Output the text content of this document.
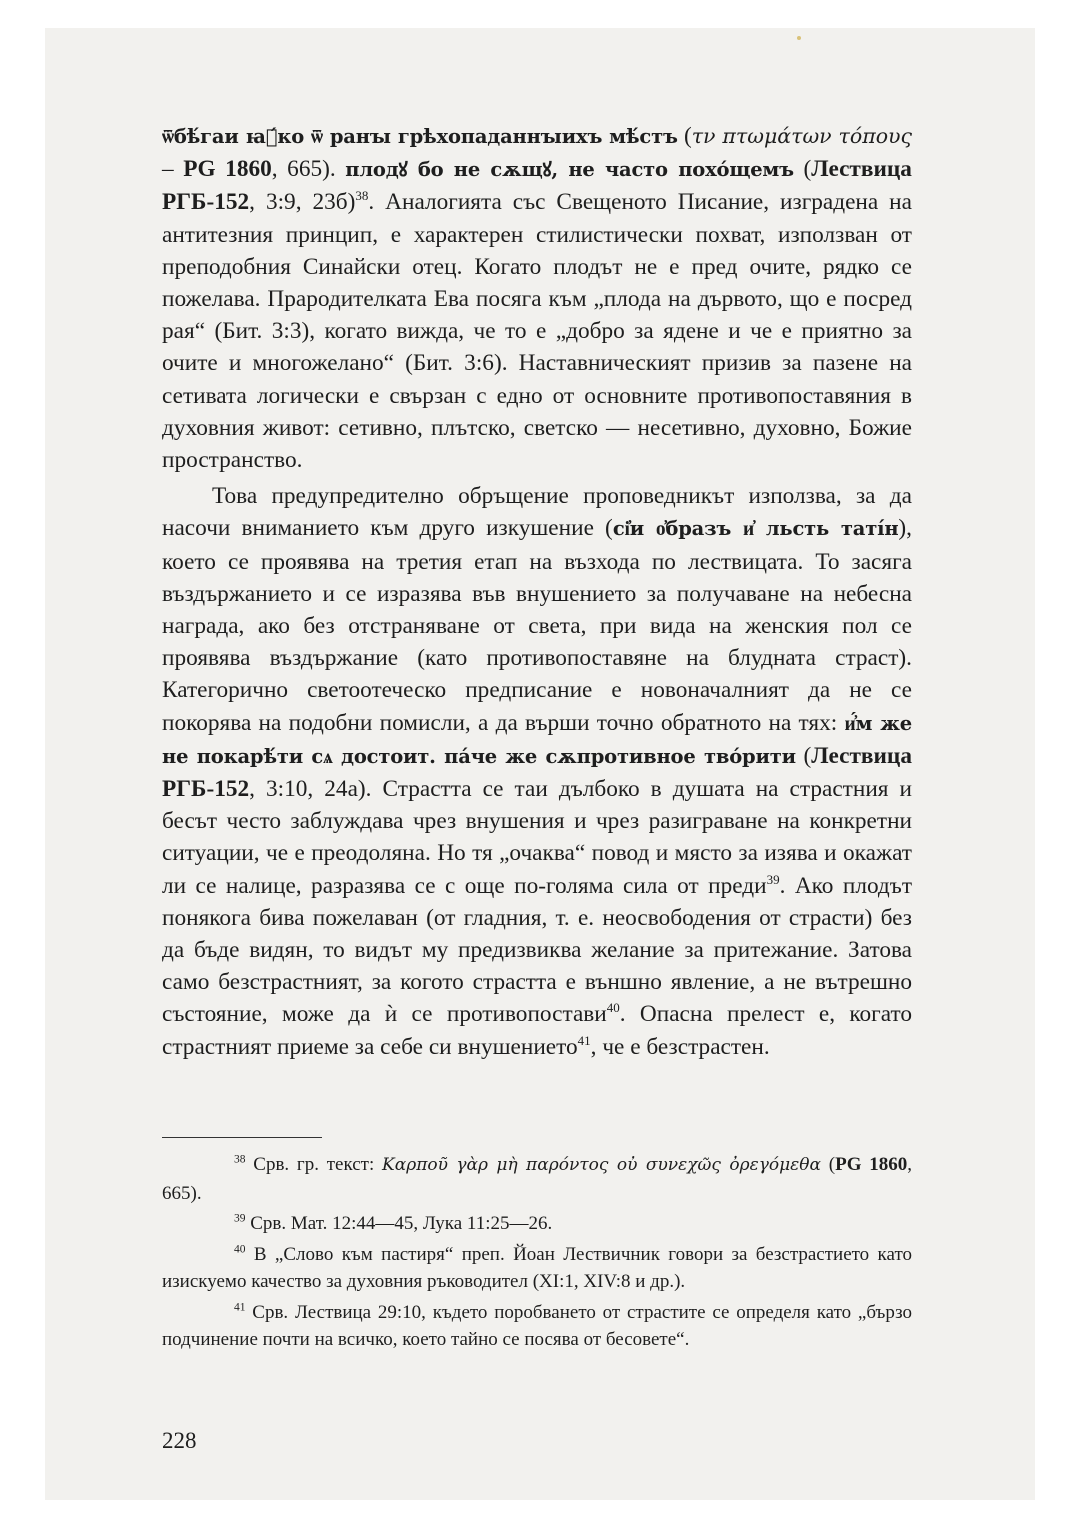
ѿбѣ́гаи ꙗ҆́ко ѿ ранꙑ грѣхопаданнꙑихъ мѣ́стъ (τν πτωμάτων τόπους – PG 1860, 665). плодꙋ бо не сѫщꙋ, не часто похо́щемъ (Лествица РГБ-152, 3:9, 23б)$^{38}$. Аналогията със Свещеното Писание, изградена на антитезния принцип, е характерен стилистически похват, използван от преподобния Синайски отец. Когато плодът не е пред очите, рядко се пожелава. Прародителката Ева посяга към „плода на дървото, що е посред рая“ (Бит. 3:3), когато вижда, че то е „добро за ядене и че е приятно за очите и многожелано“ (Бит. 3:6). Наставническият призив за пазене на сетивата логически е свързан с едно от основните противопоставяния в духовния живот: сетивно, плътско, светско — несетивно, духовно, Божие пространство.

Това предупредително обръщение проповедникът използва, за да насочи вниманието към друго изкушение (сі҆и о҆бразъ и҆ льсть татíн), което се проявява на третия етап на възхода по лествицата. То засяга въздържанието и се изразява във внушението за получаване на небесна награда, ако без отстраняване от света, при вида на женския пол се проявява въздържание (като противопоставяне на блудната страст). Категорично светоотеческо предписание е новоначалният да не се покорява на подобни помисли, а да върши точно обратното на тях: и҆́м же не покарѣ́ти сѧ достоит. па́че же сѫпротивное тво́рити (Лествица РГБ-152, 3:10, 24а). Страстта се таи дълбоко в душата на страстния и бесът често заблуждава чрез внушения и чрез разиграване на конкретни ситуации, че е преодоляна. Но тя „очаква“ повод и място за изява и окажат ли се налице, разразява се с още по-голяма сила от преди$^{39}$. Ако плодът понякога бива пожелаван (от гладния, т. е. неосвободения от страсти) без да бъде видян, то видът му предизвиква желание за притежание. Затова само безстрастният, за когото страстта е външно явление, а не вътрешно състояние, може да ѝ се противопостави$^{40}$. Опасна прелест е, когато страстният приеме за себе си внушението$^{41}$, че е безстрастен.

$^{38}$ Срв. гр. текст: Καρποῦ γὰρ μὴ παρόντος οὐ συνεχῶς ὀρεγόμεθα (PG 1860, 665).

$^{39}$ Срв. Мат. 12:44—45, Лука 11:25—26.

$^{40}$ В „Слово към пастиря“ преп. Йоан Лествичник говори за безстрастието като изискуемо качество за духовния ръководител (XI:1, XIV:8 и др.).

$^{41}$ Срв. Лествица 29:10, където поробването от страстите се определя като „бързо подчинение почти на всичко, което тайно се посява от бесовете“.

228
